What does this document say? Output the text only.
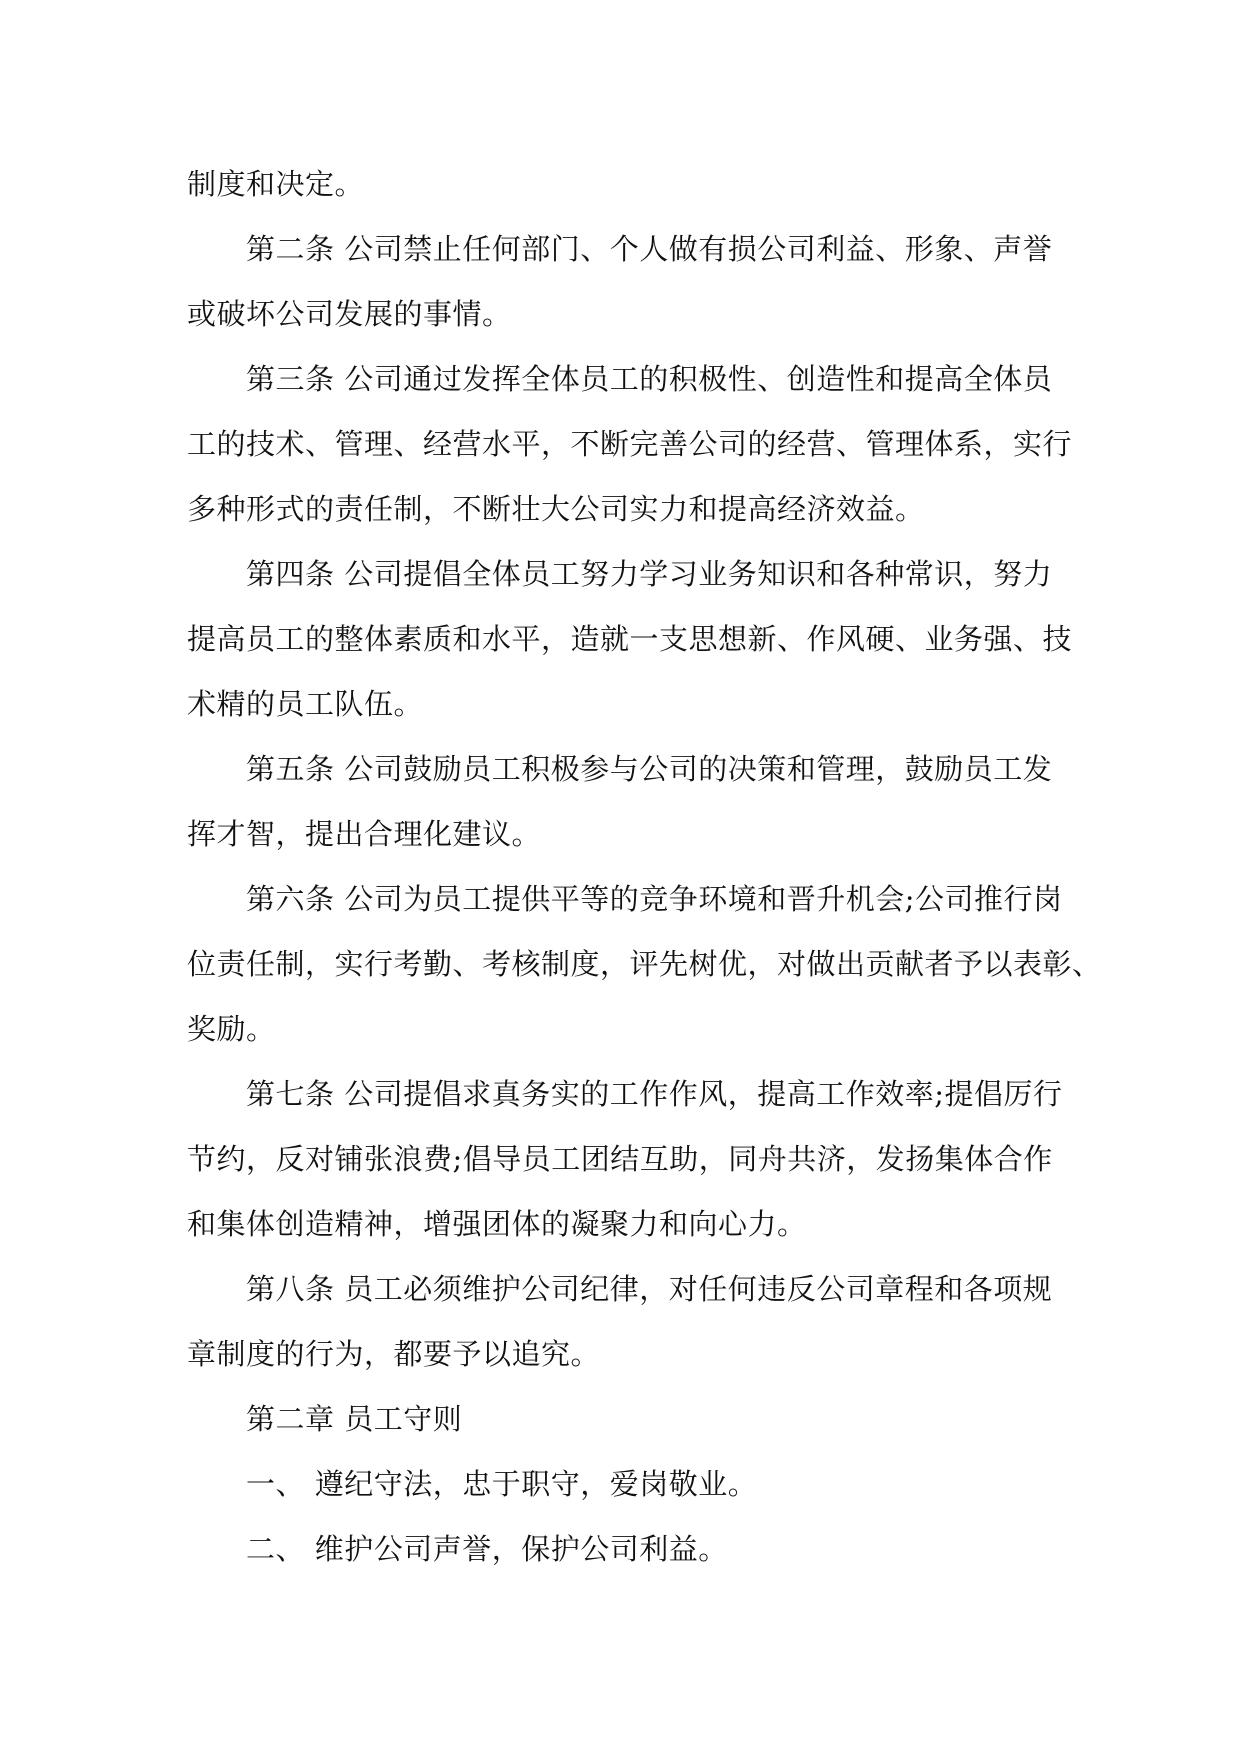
制度和决定。
第二条 公司禁止任何部门、个人做有损公司利益、形象、声誉
或破坏公司发展的事情。
第三条 公司通过发挥全体员工的积极性、创造性和提高全体员
工的技术、管理、经营水平，不断完善公司的经营、管理体系，实行
多种形式的责任制，不断壮大公司实力和提高经济效益。
第四条 公司提倡全体员工努力学习业务知识和各种常识，努力
提高员工的整体素质和水平，造就一支思想新、作风硬、业务强、技
术精的员工队伍。
第五条 公司鼓励员工积极参与公司的决策和管理，鼓励员工发
挥才智，提出合理化建议。
第六条 公司为员工提供平等的竞争环境和晋升机会;公司推行岗
位责任制，实行考勤、考核制度，评先树优，对做出贡献者予以表彰、
奖励。
第七条 公司提倡求真务实的工作作风，提高工作效率;提倡厉行
节约，反对铺张浪费;倡导员工团结互助，同舟共济，发扬集体合作
和集体创造精神，增强团体的凝聚力和向心力。
第八条 员工必须维护公司纪律，对任何违反公司章程和各项规
章制度的行为，都要予以追究。
第二章 员工守则
一、 遵纪守法，忠于职守，爱岗敬业。
二、 维护公司声誉，保护公司利益。
